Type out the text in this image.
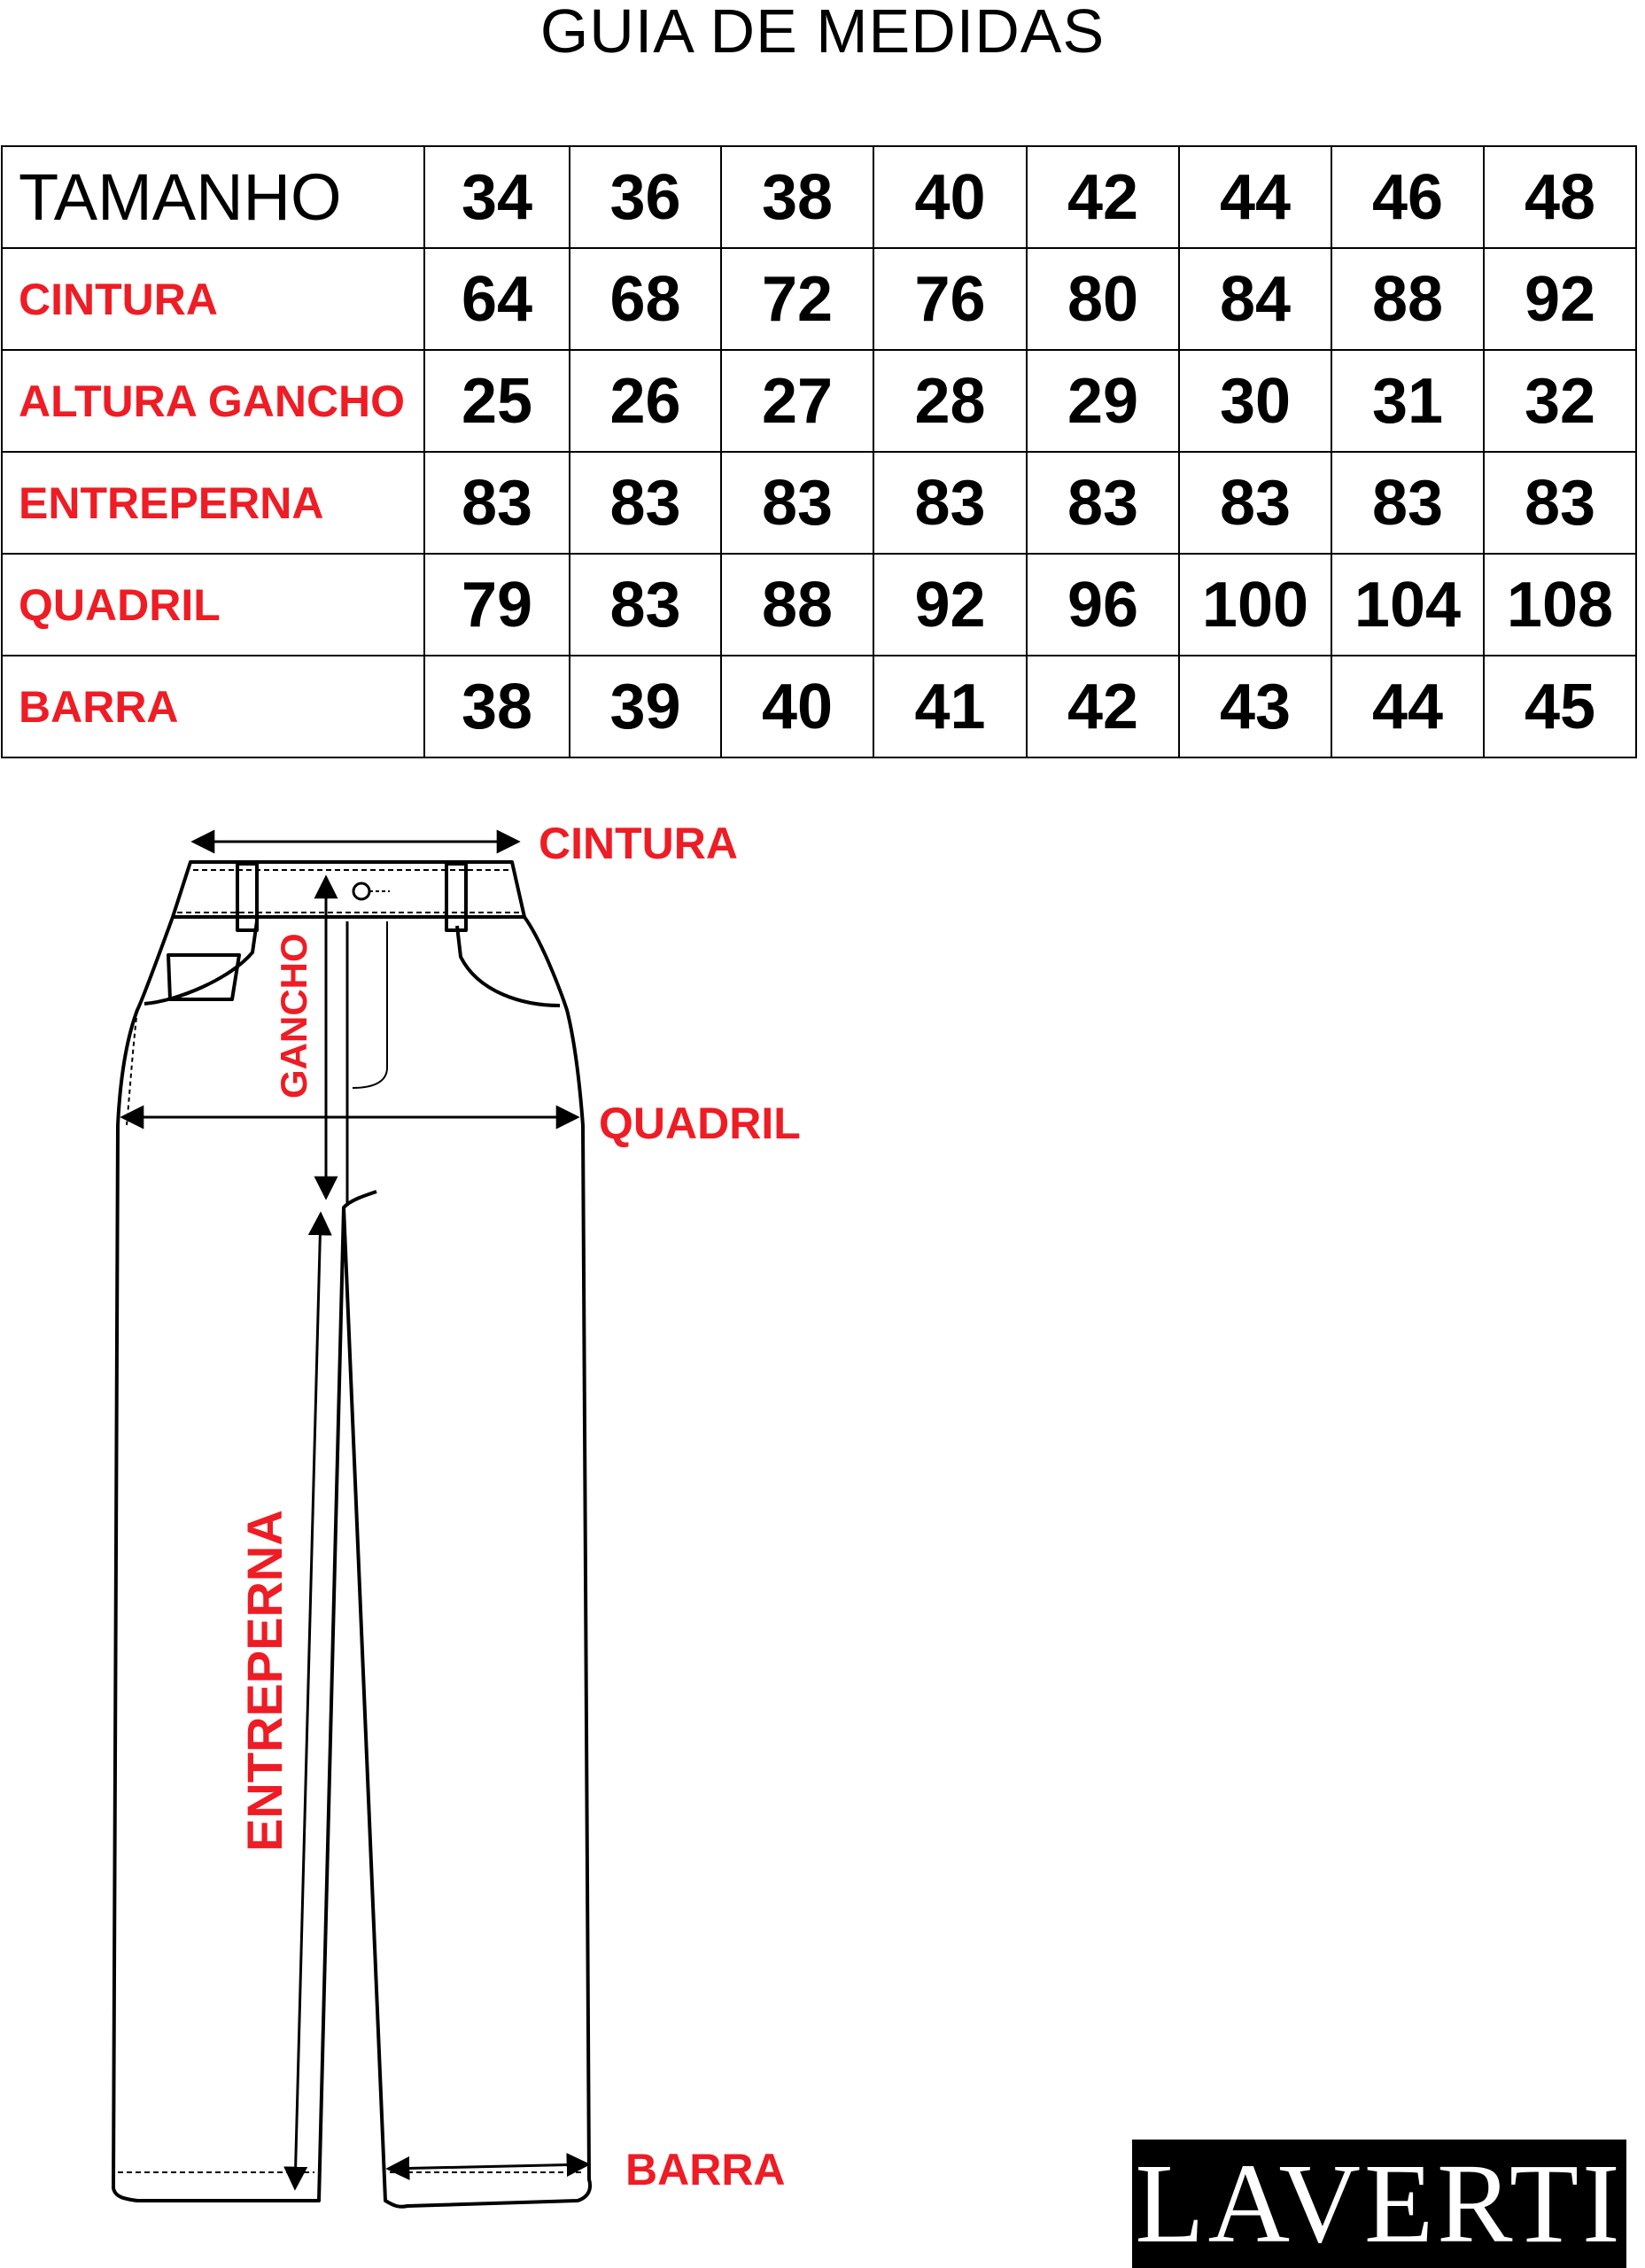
GUIA DE MEDIDAS
TAMANHO	34	36	38	40	42	44	46	48
CINTURA	64	68	72	76	80	84	88	92
ALTURA GANCHO	25	26	27	28	29	30	31	32
ENTREPERNA	83	83	83	83	83	83	83	83
QUADRIL	79	83	88	92	96	100	104	108
BARRA	38	39	40	41	42	43	44	45
CINTURA
QUADRIL
BARRA
GANCHO
ENTREPERNA
LAVERTI
